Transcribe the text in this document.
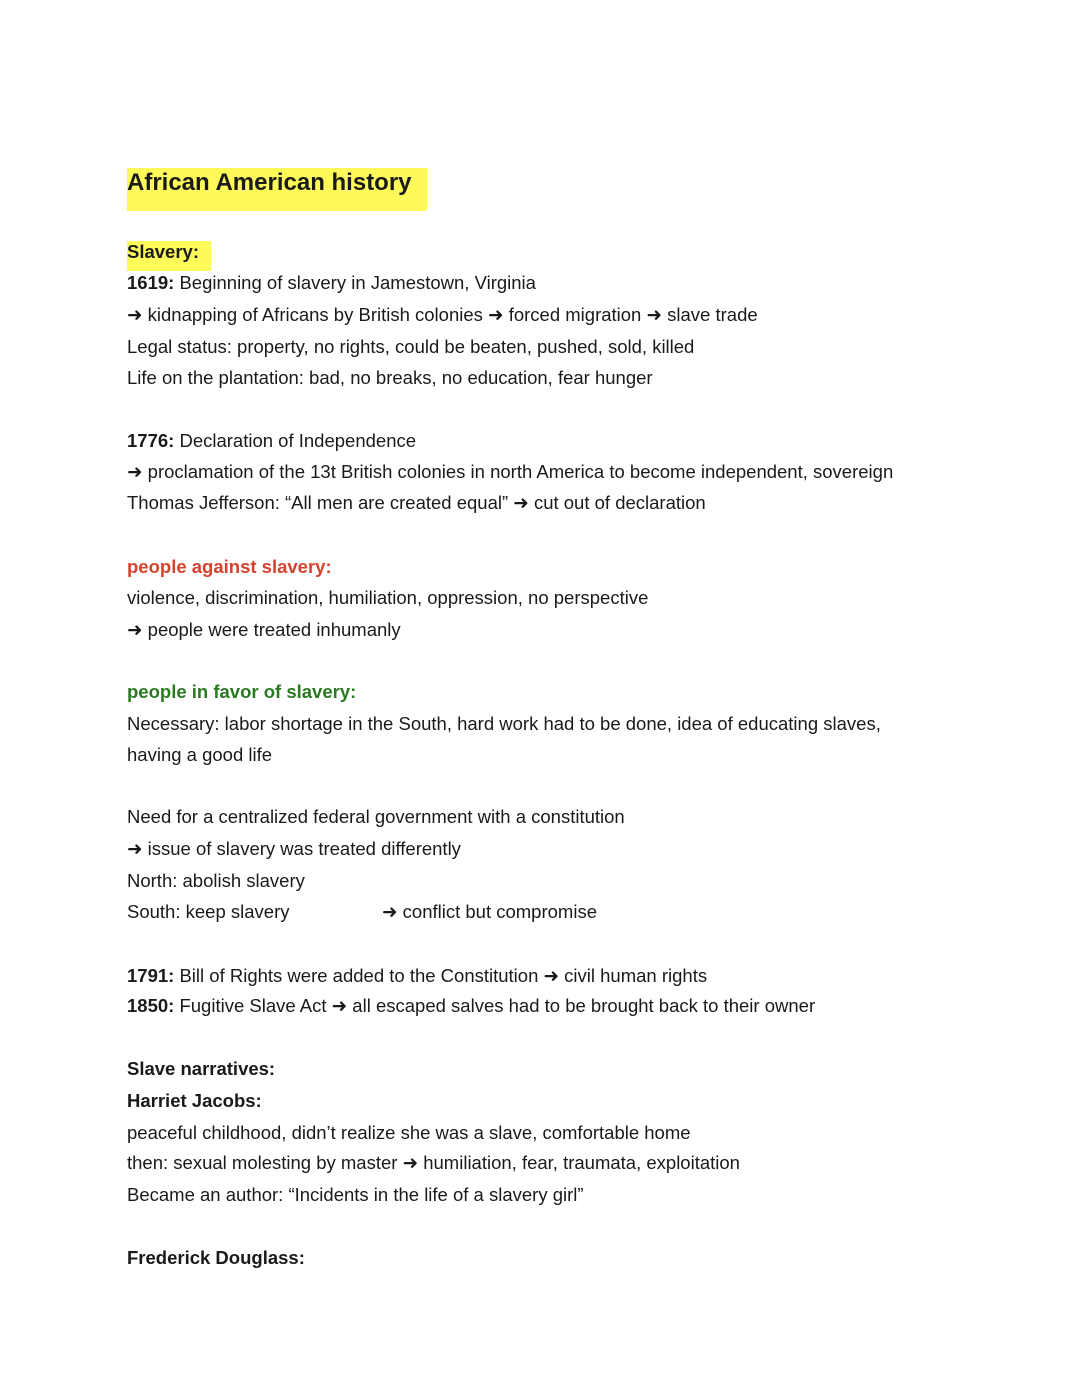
African American history
Slavery:
1619: Beginning of slavery in Jamestown, Virginia
➜ kidnapping of Africans by British colonies ➜ forced migration ➜ slave trade
Legal status: property, no rights, could be beaten, pushed, sold, killed
Life on the plantation: bad, no breaks, no education, fear hunger
1776: Declaration of Independence
➜ proclamation of the 13t British colonies in north America to become independent, sovereign
Thomas Jefferson: “All men are created equal” ➜ cut out of declaration
people against slavery:
violence, discrimination, humiliation, oppression, no perspective
➜ people were treated inhumanly
people in favor of slavery:
Necessary: labor shortage in the South, hard work had to be done, idea of educating slaves,
having a good life
Need for a centralized federal government with a constitution
➜ issue of slavery was treated differently
North: abolish slavery
South: keep slavery	➜ conflict but compromise
1791: Bill of Rights were added to the Constitution ➜ civil human rights
1850: Fugitive Slave Act ➜ all escaped salves had to be brought back to their owner
Slave narratives:
Harriet Jacobs:
peaceful childhood, didn’t realize she was a slave, comfortable home
then: sexual molesting by master ➜ humiliation, fear, traumata, exploitation
Became an author: “Incidents in the life of a slavery girl”
Frederick Douglass:
